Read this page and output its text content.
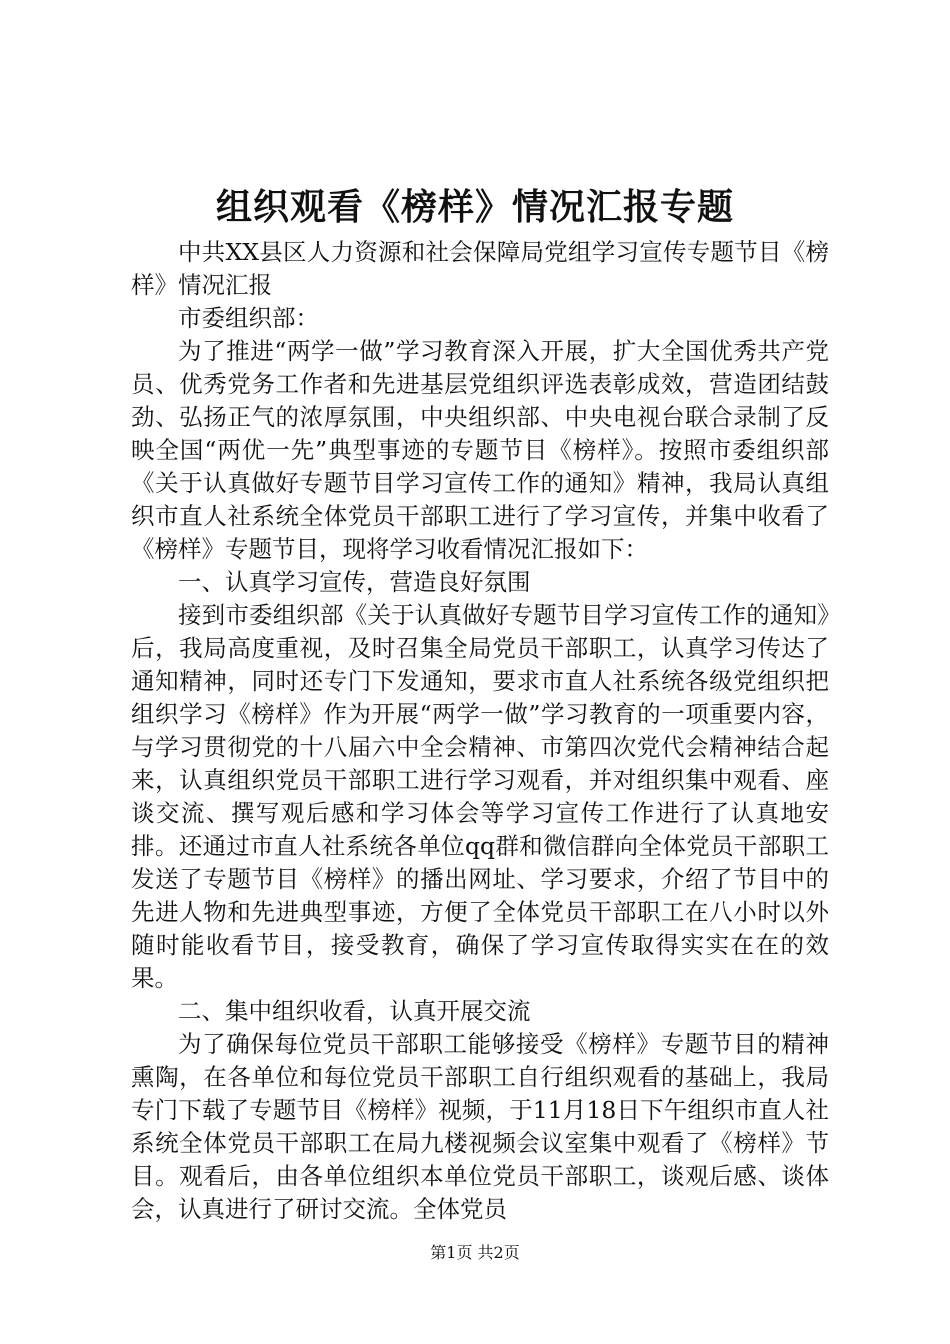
组织观看《榜样》情况汇报专题

中共XX县区人力资源和社会保障局党组学习宣传专题节目《榜样》情况汇报

市委组织部：

为了推进“两学一做”学习教育深入开展，扩大全国优秀共产党员、优秀党务工作者和先进基层党组织评选表彰成效，营造团结鼓劲、弘扬正气的浓厚氛围，中央组织部、中央电视台联合录制了反映全国“两优一先”典型事迹的专题节目《榜样》。按照市委组织部《关于认真做好专题节目学习宣传工作的通知》精神，我局认真组织市直人社系统全体党员干部职工进行了学习宣传，并集中收看了《榜样》专题节目，现将学习收看情况汇报如下：

一、认真学习宣传，营造良好氛围

接到市委组织部《关于认真做好专题节目学习宣传工作的通知》后，我局高度重视，及时召集全局党员干部职工，认真学习传达了通知精神，同时还专门下发通知，要求市直人社系统各级党组织把组织学习《榜样》作为开展“两学一做”学习教育的一项重要内容，与学习贯彻党的十八届六中全会精神、市第四次党代会精神结合起来，认真组织党员干部职工进行学习观看，并对组织集中观看、座谈交流、撰写观后感和学习体会等学习宣传工作进行了认真地安排。还通过市直人社系统各单位qq群和微信群向全体党员干部职工发送了专题节目《榜样》的播出网址、学习要求，介绍了节目中的先进人物和先进典型事迹，方便了全体党员干部职工在八小时以外随时能收看节目，接受教育，确保了学习宣传取得实实在在的效果。

二、集中组织收看，认真开展交流

为了确保每位党员干部职工能够接受《榜样》专题节目的精神熏陶，在各单位和每位党员干部职工自行组织观看的基础上，我局专门下载了专题节目《榜样》视频，于11月18日下午组织市直人社系统全体党员干部职工在局九楼视频会议室集中观看了《榜样》节目。观看后，由各单位组织本单位党员干部职工，谈观后感、谈体会，认真进行了研讨交流。全体党员

第1页 共2页
